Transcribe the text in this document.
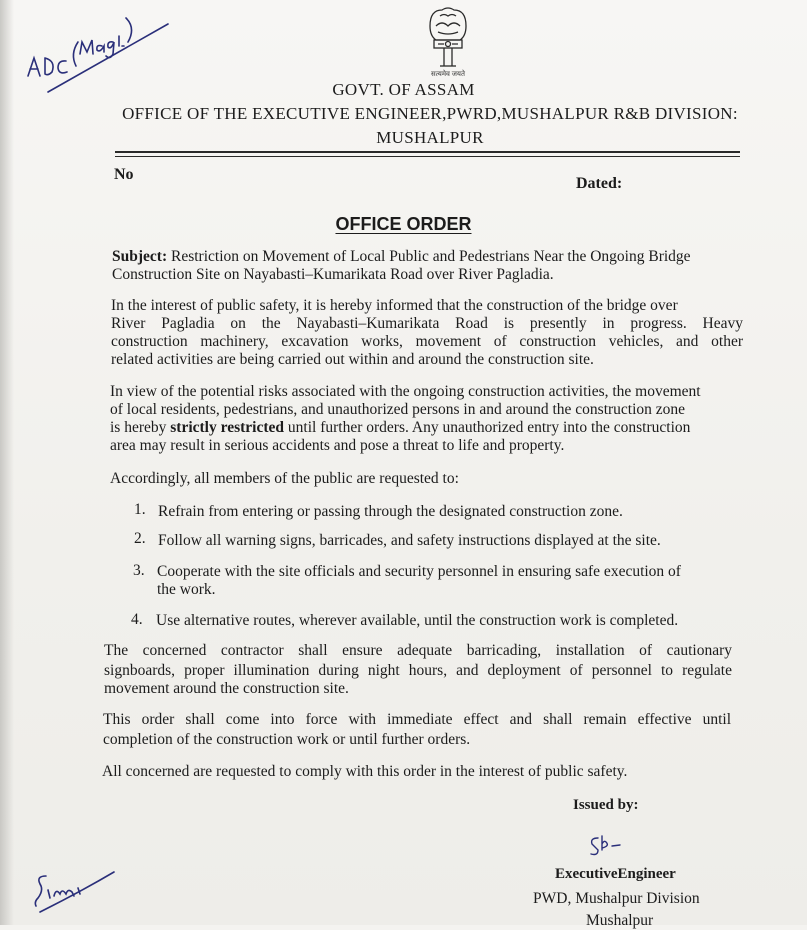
सत्यमेव जयते
GOVT. OF ASSAM
OFFICE OF THE EXECUTIVE ENGINEER,PWRD,MUSHALPUR R&B DIVISION:
MUSHALPUR
No
Dated:
OFFICE ORDER
Subject: Restriction on Movement of Local Public and Pedestrians Near the Ongoing Bridge
Construction Site on Nayabasti–Kumarikata Road over River Pagladia.
In the interest of public safety, it is hereby informed that the construction of the bridge over
River Pagladia on the Nayabasti–Kumarikata Road is presently in progress. Heavy
construction machinery, excavation works, movement of construction vehicles, and other
related activities are being carried out within and around the construction site.
In view of the potential risks associated with the ongoing construction activities, the movement
of local residents, pedestrians, and unauthorized persons in and around the construction zone
is hereby strictly restricted until further orders. Any unauthorized entry into the construction
area may result in serious accidents and pose a threat to life and property.
Accordingly, all members of the public are requested to:
1. Refrain from entering or passing through the designated construction zone.
2. Follow all warning signs, barricades, and safety instructions displayed at the site.
3. Cooperate with the site officials and security personnel in ensuring safe execution of
the work.
4. Use alternative routes, wherever available, until the construction work is completed.
The concerned contractor shall ensure adequate barricading, installation of cautionary
signboards, proper illumination during night hours, and deployment of personnel to regulate
movement around the construction site.
This order shall come into force with immediate effect and shall remain effective until
completion of the construction work or until further orders.
All concerned are requested to comply with this order in the interest of public safety.
Issued by:
ExecutiveEngineer
PWD, Mushalpur Division
Mushalpur
